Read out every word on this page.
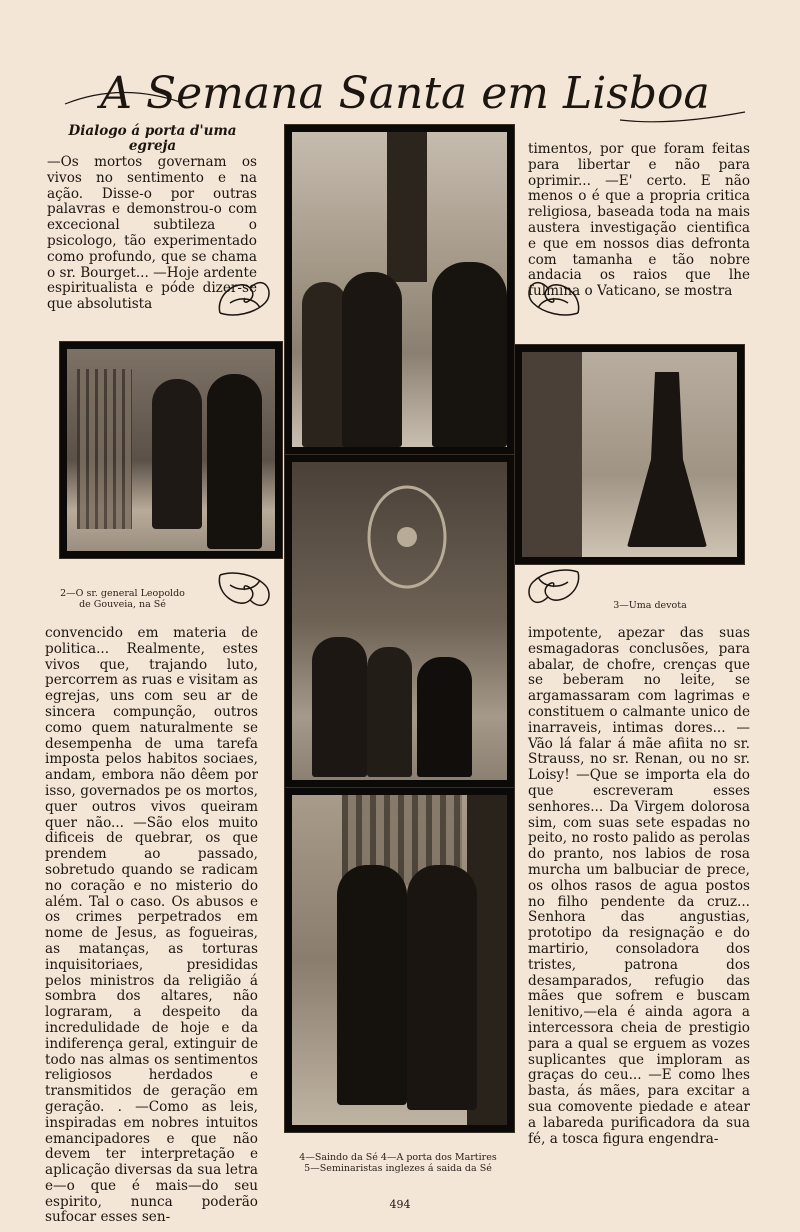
A Semana Santa em Lisboa
Dialogo á porta d'uma egreja

—Os mortos governam os vivos no sentimento e na ação. Disse-o por outras palavras e demonstrou-o com excecional subtileza o psicologo, tão experimentado como profundo, que se chama o sr. Bourget... —Hoje ardente espiritualista e póde dizer-se que absolutista

2—O sr. general Leopoldo
de Gouveia, na Sé

convencido em materia de politica... Realmente, estes vivos que, trajando luto, percorrem as ruas e visitam as egrejas, uns com seu ar de sincera compunção, outros como quem naturalmente se desempenha de uma tarefa imposta pelos habitos sociaes, andam, embora não dêem por isso, governados pe os mortos, quer outros vivos queiram quer não... —São elos muito dificeis de quebrar, os que prendem ao passado, sobretudo quando se radicam no coração e no misterio do além. Tal o caso. Os abusos e os crimes perpetrados em nome de Jesus, as fogueiras, as matanças, as torturas inquisitoriaes, presididas pelos ministros da religião á sombra dos altares, não lograram, a despeito da incredulidade de hoje e da indiferença geral, extinguir de todo nas almas os sentimentos religiosos herdados e transmitidos de geração em geração. . —Como as leis, inspiradas em nobres intuitos emancipadores e que não devem ter interpretação e aplicação diversas da sua letra e—o que é mais—do seu espirito, nunca poderão sufocar esses sen-

4—Saindo da Sé 4—A porta dos Martires
5—Seminaristas inglezes á saida da Sé

timentos, por que foram feitas para libertar e não para oprimir... —E' certo. E não menos o é que a propria critica religiosa, baseada toda na mais austera investigação cientifica e que em nossos dias defronta com tamanha e tão nobre andacia os raios que lhe fulmina o Vaticano, se mostra

3—Uma devota

impotente, apezar das suas esmagadoras conclusões, para abalar, de chofre, crenças que se beberam no leite, se argamassaram com lagrimas e constituem o calmante unico de inarraveis, intimas dores... —Vão lá falar á mãe afiita no sr. Strauss, no sr. Renan, ou no sr. Loisy! —Que se importa ela do que escreveram esses senhores... Da Virgem dolorosa sim, com suas sete espadas no peito, no rosto palido as perolas do pranto, nos labios de rosa murcha um balbuciar de prece, os olhos rasos de agua postos no filho pendente da cruz... Senhora das angustias, prototipo da resignação e do martirio, consoladora dos tristes, patrona dos desamparados, refugio das mães que sofrem e buscam lenitivo,—ela é ainda agora a intercessora cheia de prestigio para a qual se erguem as vozes suplicantes que imploram as graças do ceu... —E como lhes basta, ás mães, para excitar a sua comovente piedade e atear a labareda purificadora da sua fé, a tosca figura engendra-

494
